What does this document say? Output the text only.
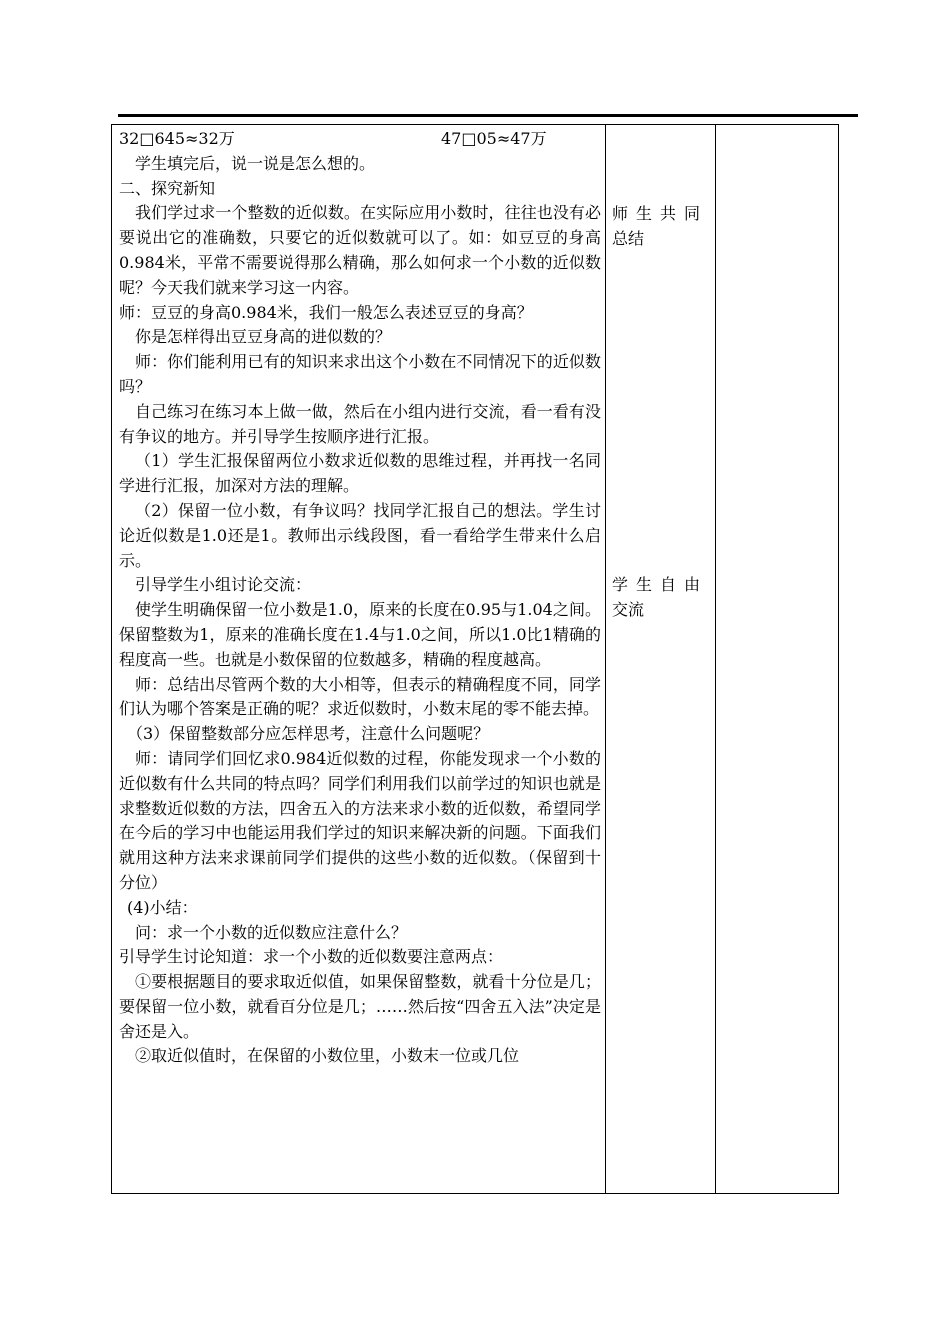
32□645≈32万	47□05≈47万

学生填完后，说一说是怎么想的。

二、探究新知

我们学过求一个整数的近似数。在实际应用小数时，往往也没有必要说出它的准确数，只要它的近似数就可以了。如：如豆豆的身高0.984米，平常不需要说得那么精确，那么如何求一个小数的近似数呢？今天我们就来学习这一内容。

师：豆豆的身高0.984米，我们一般怎么表述豆豆的身高？

你是怎样得出豆豆身高的进似数的？

师：你们能利用已有的知识来求出这个小数在不同情况下的近似数吗？

自己练习在练习本上做一做，然后在小组内进行交流，看一看有没有争议的地方。并引导学生按顺序进行汇报。

（1）学生汇报保留两位小数求近似数的思维过程，并再找一名同学进行汇报，加深对方法的理解。

（2）保留一位小数，有争议吗？找同学汇报自己的想法。学生讨论近似数是1.0还是1。教师出示线段图，看一看给学生带来什么启示。

引导学生小组讨论交流：

使学生明确保留一位小数是1.0，原来的长度在0.95与1.04之间。保留整数为1，原来的准确长度在1.4与1.0之间，所以1.0比1精确的程度高一些。也就是小数保留的位数越多，精确的程度越高。

师：总结出尽管两个数的大小相等，但表示的精确程度不同，同学们认为哪个答案是正确的呢？求近似数时，小数末尾的零不能去掉。

（3）保留整数部分应怎样思考，注意什么问题呢？

师：请同学们回忆求0.984近似数的过程，你能发现求一个小数的近似数有什么共同的特点吗？同学们利用我们以前学过的知识也就是求整数近似数的方法，四舍五入的方法来求小数的近似数，希望同学在今后的学习中也能运用我们学过的知识来解决新的问题。下面我们就用这种方法来求课前同学们提供的这些小数的近似数。（保留到十分位）

(4)小结：

问：求一个小数的近似数应注意什么？

引导学生讨论知道：求一个小数的近似数要注意两点：

①要根据题目的要求取近似值，如果保留整数，就看十分位是几；要保留一位小数，就看百分位是几；……然后按“四舍五入法”决定是舍还是入。

②取近似值时，在保留的小数位里，小数末一位或几位

师生共同

总结

学生自由

交流
